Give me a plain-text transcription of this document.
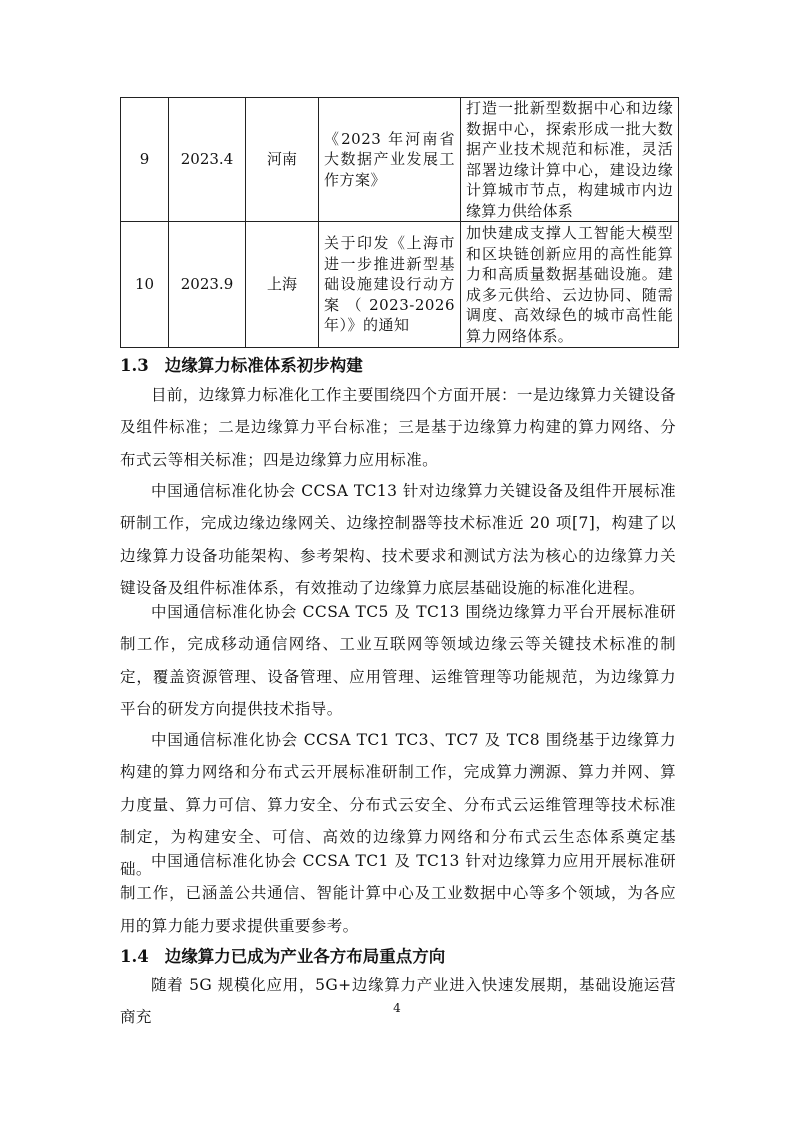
9	2023.4	河南	《2023 年河南省大数据产业发展工作方案》	打造一批新型数据中心和边缘数据中心，探索形成一批大数据产业技术规范和标准，灵活部署边缘计算中心，建设边缘计算城市节点，构建城市内边缘算力供给体系
10	2023.9	上海	关于印发《上海市进一步推进新型基础设施建设行动方案（2023-2026 年）》的通知	加快建成支撑人工智能大模型和区块链创新应用的高性能算力和高质量数据基础设施。建成多元供给、云边协同、随需调度、高效绿色的城市高性能算力网络体系。
1.3 边缘算力标准体系初步构建

目前，边缘算力标准化工作主要围绕四个方面开展：一是边缘算力关键设备及组件标准；二是边缘算力平台标准；三是基于边缘算力构建的算力网络、分布式云等相关标准；四是边缘算力应用标准。

中国通信标准化协会 CCSA TC13 针对边缘算力关键设备及组件开展标准研制工作，完成边缘边缘网关、边缘控制器等技术标准近 20 项[7]，构建了以边缘算力设备功能架构、参考架构、技术要求和测试方法为核心的边缘算力关键设备及组件标准体系，有效推动了边缘算力底层基础设施的标准化进程。

中国通信标准化协会 CCSA TC5 及 TC13 围绕边缘算力平台开展标准研制工作，完成移动通信网络、工业互联网等领域边缘云等关键技术标准的制定，覆盖资源管理、设备管理、应用管理、运维管理等功能规范，为边缘算力平台的研发方向提供技术指导。

中国通信标准化协会 CCSA TC1 TC3、TC7 及 TC8 围绕基于边缘算力构建的算力网络和分布式云开展标准研制工作，完成算力溯源、算力并网、算力度量、算力可信、算力安全、分布式云安全、分布式云运维管理等技术标准制定，为构建安全、可信、高效的边缘算力网络和分布式云生态体系奠定基础。 中国通信标准化协会 CCSA TC1 及 TC13 针对边缘算力应用开展标准研制工作，已涵盖公共通信、智能计算中心及工业数据中心等多个领域，为各应用的算力能力要求提供重要参考。

1.4 边缘算力已成为产业各方布局重点方向

随着 5G 规模化应用，5G+边缘算力产业进入快速发展期，基础设施运营商充

4
